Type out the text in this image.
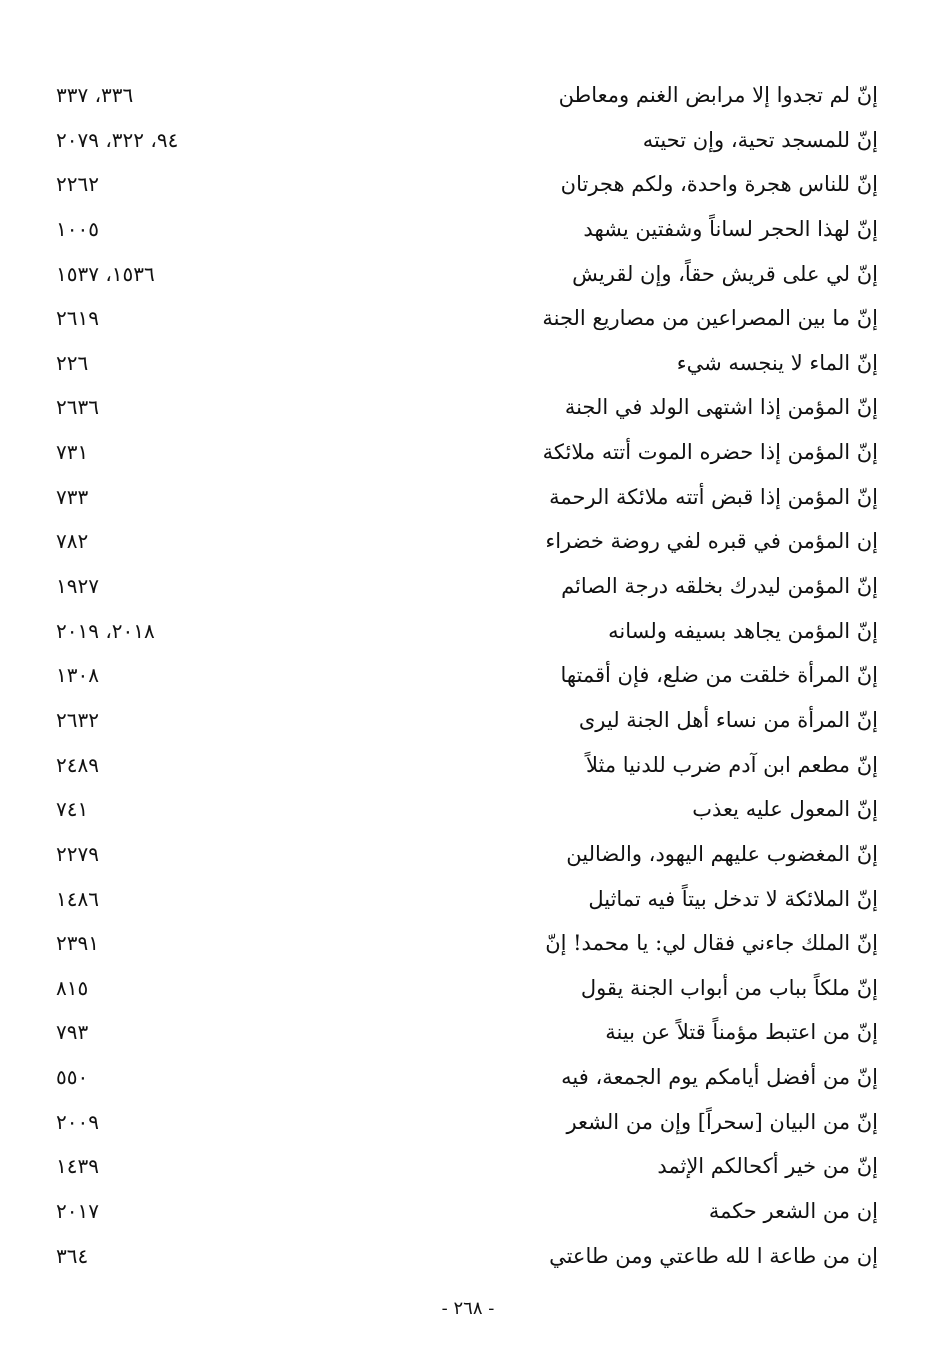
إنّ لم تجدوا إلا مرابض الغنم ومعاطن
٣٣٦، ٣٣٧
إنّ للمسجد تحية، وإن تحيته
٩٤، ٣٢٢، ٢٠٧٩
إنّ للناس هجرة واحدة، ولكم هجرتان
٢٢٦٢
إنّ لهذا الحجر لساناً وشفتين يشهد
١٠٠٥
إنّ لي على قريش حقاً، وإن لقريش
١٥٣٦، ١٥٣٧
إنّ ما بين المصراعين من مصاريع الجنة
٢٦١٩
إنّ الماء لا ينجسه شيء
٢٢٦
إنّ المؤمن إذا اشتهى الولد في الجنة
٢٦٣٦
إنّ المؤمن إذا حضره الموت أتته ملائكة
٧٣١
إنّ المؤمن إذا قبض أتته ملائكة الرحمة
٧٣٣
إن المؤمن في قبره لفي روضة خضراء
٧٨٢
إنّ المؤمن ليدرك بخلقه درجة الصائم
١٩٢٧
إنّ المؤمن يجاهد بسيفه ولسانه
٢٠١٨، ٢٠١٩
إنّ المرأة خلقت من ضلع، فإن أقمتها
١٣٠٨
إنّ المرأة من نساء أهل الجنة ليرى
٢٦٣٢
إنّ مطعم ابن آدم ضرب للدنيا مثلاً
٢٤٨٩
إنّ المعول عليه يعذب
٧٤١
إنّ المغضوب عليهم اليهود، والضالين
٢٢٧٩
إنّ الملائكة لا تدخل بيتاً فيه تماثيل
١٤٨٦
إنّ الملك جاءني فقال لي: يا محمد! إنّ
٢٣٩١
إنّ ملكاً بباب من أبواب الجنة يقول
٨١٥
إنّ من اعتبط مؤمناً قتلاً عن بينة
٧٩٣
إنّ من أفضل أيامكم يوم الجمعة، فيه
٥٥٠
إنّ من البيان [سحراً] وإن من الشعر
٢٠٠٩
إنّ من خير أكحالكم الإثمد
١٤٣٩
إن من الشعر حكمة
٢٠١٧
إن من طاعة ا لله طاعتي ومن طاعتي
٣٦٤
- ٢٦٨ -
